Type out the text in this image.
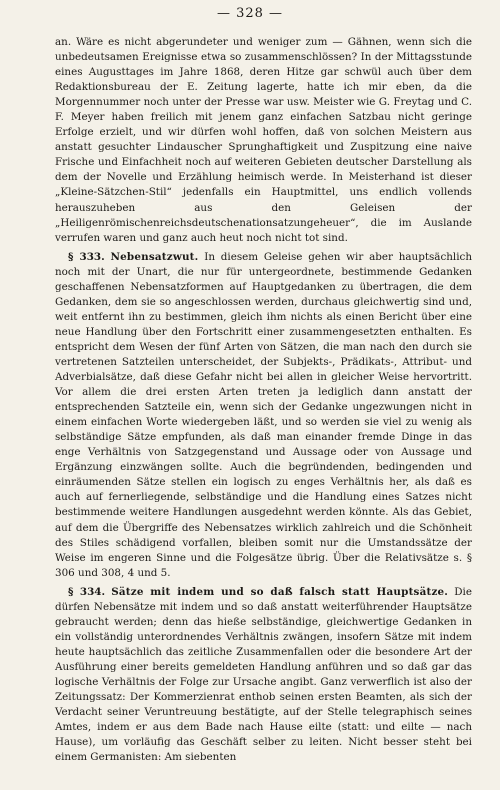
— 328 —

an. Wäre es nicht abgerundeter und weniger zum — Gähnen, wenn sich die unbedeutsamen Ereignisse etwa so zusammenschlössen? In der Mittagsstunde eines Augusttages im Jahre 1868, deren Hitze gar schwül auch über dem Redaktionsbureau der E. Zeitung lagerte, hatte ich mir eben, da die Morgennummer noch unter der Presse war usw. Meister wie G. Freytag und C. F. Meyer haben freilich mit jenem ganz einfachen Satzbau nicht geringe Erfolge erzielt, und wir dürfen wohl hoffen, daß von solchen Meistern aus anstatt gesuchter Lindauscher Sprunghaftigkeit und Zuspitzung eine naive Frische und Einfachheit noch auf weiteren Gebieten deutscher Darstellung als dem der Novelle und Erzählung heimisch werde. In Meisterhand ist dieser „Kleine-Sätzchen-Stil“ jedenfalls ein Hauptmittel, uns endlich vollends herauszuheben aus den Geleisen der „Heiligenrömischenreichsdeutschenationsatzungeheuer“, die im Auslande verrufen waren und ganz auch heut noch nicht tot sind.

§ 333. Nebensatzwut. In diesem Geleise gehen wir aber hauptsächlich noch mit der Unart, die nur für untergeordnete, bestimmende Gedanken geschaffenen Nebensatzformen auf Hauptgedanken zu übertragen, die dem Gedanken, dem sie so angeschlossen werden, durchaus gleichwertig sind und, weit entfernt ihn zu bestimmen, gleich ihm nichts als einen Bericht über eine neue Handlung über den Fortschritt einer zusammengesetzten enthalten. Es entspricht dem Wesen der fünf Arten von Sätzen, die man nach den durch sie vertretenen Satzteilen unterscheidet, der Subjekts-, Prädikats-, Attribut- und Adverbialsätze, daß diese Gefahr nicht bei allen in gleicher Weise hervortritt. Vor allem die drei ersten Arten treten ja lediglich dann anstatt der entsprechenden Satzteile ein, wenn sich der Gedanke ungezwungen nicht in einem einfachen Worte wiedergeben läßt, und so werden sie viel zu wenig als selbständige Sätze empfunden, als daß man einander fremde Dinge in das enge Verhältnis von Satzgegenstand und Aussage oder von Aussage und Ergänzung einzwängen sollte. Auch die begründenden, bedingenden und einräumenden Sätze stellen ein logisch zu enges Verhältnis her, als daß es auch auf fernerliegende, selbständige und die Handlung eines Satzes nicht bestimmende weitere Handlungen ausgedehnt werden könnte. Als das Gebiet, auf dem die Übergriffe des Nebensatzes wirklich zahlreich und die Schönheit des Stiles schädigend vorfallen, bleiben somit nur die Umstandssätze der Weise im engeren Sinne und die Folgesätze übrig. Über die Relativsätze s. § 306 und 308, 4 und 5.

§ 334. Sätze mit indem und so daß falsch statt Hauptsätze. Die dürfen Nebensätze mit indem und so daß anstatt weiterführender Hauptsätze gebraucht werden; denn das hieße selbständige, gleichwertige Gedanken in ein vollständig unterordnendes Verhältnis zwängen, insofern Sätze mit indem heute hauptsächlich das zeitliche Zusammenfallen oder die besondere Art der Ausführung einer bereits gemeldeten Handlung anführen und so daß gar das logische Verhältnis der Folge zur Ursache angibt. Ganz verwerflich ist also der Zeitungssatz: Der Kommerzienrat enthob seinen ersten Beamten, als sich der Verdacht seiner Veruntreuung bestätigte, auf der Stelle telegraphisch seines Amtes, indem er aus dem Bade nach Hause eilte (statt: und eilte — nach Hause), um vorläufig das Geschäft selber zu leiten. Nicht besser steht bei einem Germanisten: Am siebenten
